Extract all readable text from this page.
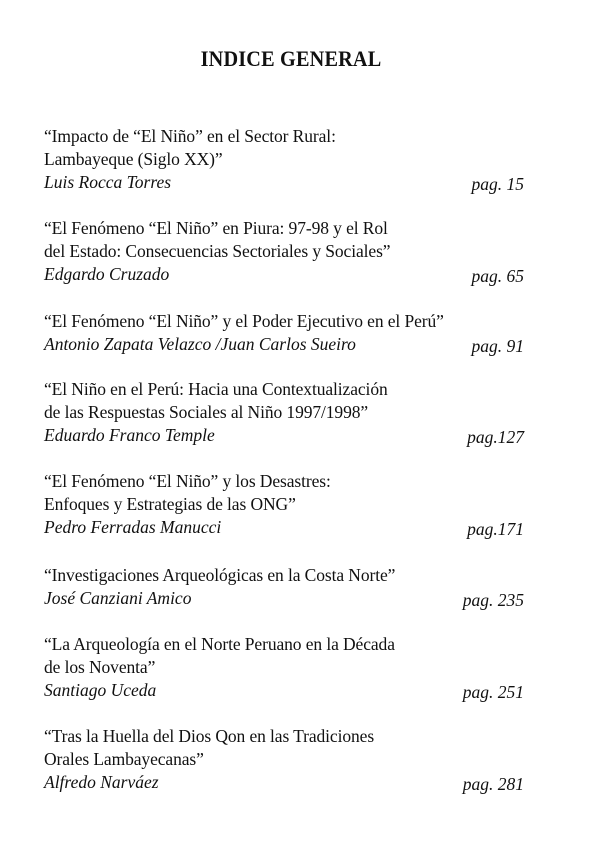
INDICE GENERAL
“Impacto de “El Niño” en el Sector Rural:
Lambayeque (Siglo XX)”
Luis Rocca Torres	pag. 15
“El Fenómeno “El Niño” en Piura: 97-98 y el Rol
del Estado: Consecuencias Sectoriales y Sociales”
Edgardo Cruzado	pag. 65
“El Fenómeno “El Niño” y el Poder Ejecutivo en el Perú”
Antonio Zapata Velazco /Juan Carlos Sueiro	pag. 91
“El Niño en el Perú: Hacia una Contextualización
de las Respuestas Sociales al Niño 1997/1998”
Eduardo Franco Temple	pag.127
“El Fenómeno “El Niño” y los Desastres:
Enfoques y Estrategias de las ONG”
Pedro Ferradas Manucci	pag.171
“Investigaciones Arqueológicas en la Costa Norte”
José Canziani Amico	pag. 235
“La Arqueología en el Norte Peruano en la Década
de los Noventa”
Santiago Uceda	pag. 251
“Tras la Huella del Dios Qon en las Tradiciones
Orales Lambayecanas”
Alfredo Narváez	pag. 281
